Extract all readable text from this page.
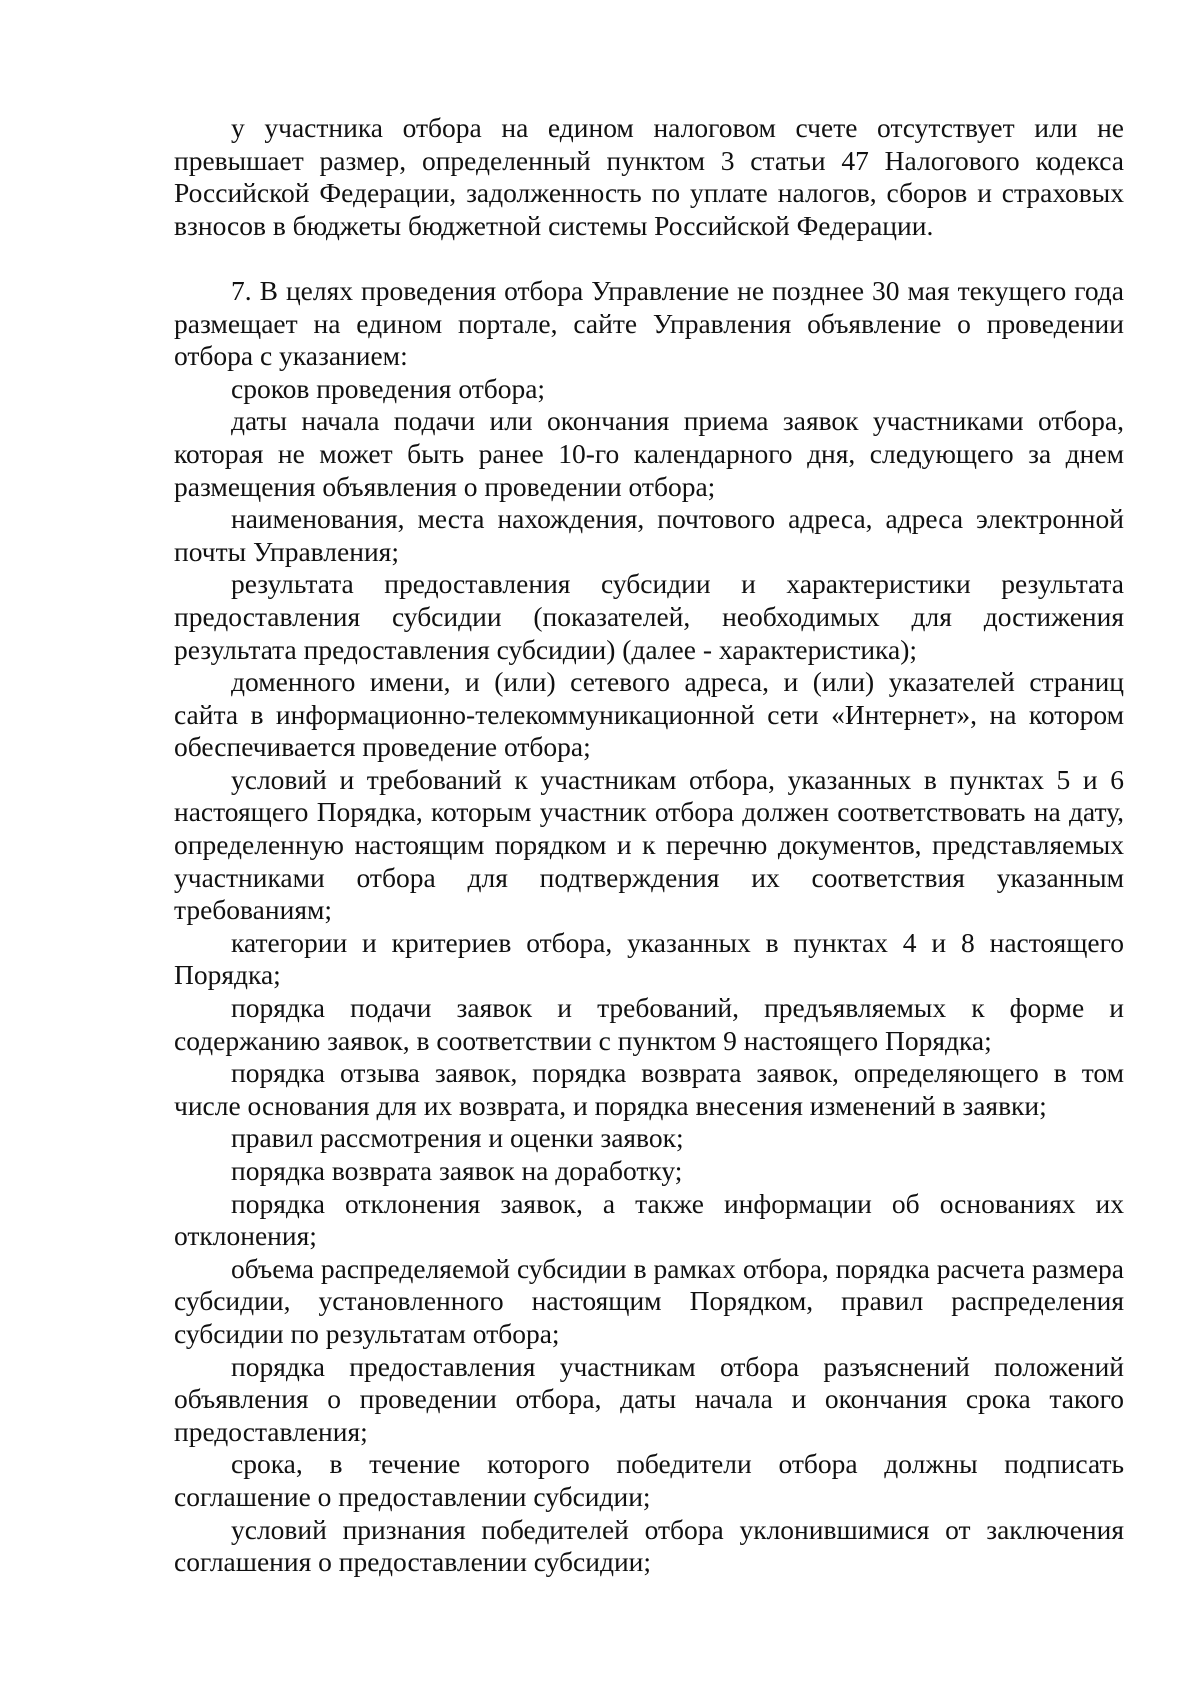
у участника отбора на едином налоговом счете отсутствует или не превышает размер, определенный пунктом 3 статьи 47 Налогового кодекса Российской Федерации, задолженность по уплате налогов, сборов и страховых взносов в бюджеты бюджетной системы Российской Федерации.

7. В целях проведения отбора Управление не позднее 30 мая текущего года размещает на едином портале, сайте Управления объявление о проведении отбора с указанием:

сроков проведения отбора;

даты начала подачи или окончания приема заявок участниками отбора, которая не может быть ранее 10-го календарного дня, следующего за днем размещения объявления о проведении отбора;

наименования, места нахождения, почтового адреса, адреса электронной почты Управления;

результата предоставления субсидии и характеристики результата предоставления субсидии (показателей, необходимых для достижения результата предоставления субсидии) (далее - характеристика);

доменного имени, и (или) сетевого адреса, и (или) указателей страниц сайта в информационно-телекоммуникационной сети «Интернет», на котором обеспечивается проведение отбора;

условий и требований к участникам отбора, указанных в пунктах 5 и 6 настоящего Порядка, которым участник отбора должен соответствовать на дату, определенную настоящим порядком и к перечню документов, представляемых участниками отбора для подтверждения их соответствия указанным требованиям;

категории и критериев отбора, указанных в пунктах 4 и 8 настоящего Порядка;

порядка подачи заявок и требований, предъявляемых к форме и содержанию заявок, в соответствии с пунктом 9 настоящего Порядка;

порядка отзыва заявок, порядка возврата заявок, определяющего в том числе основания для их возврата, и порядка внесения изменений в заявки;

правил рассмотрения и оценки заявок;

порядка возврата заявок на доработку;

порядка отклонения заявок, а также информации об основаниях их отклонения;

объема распределяемой субсидии в рамках отбора, порядка расчета размера субсидии, установленного настоящим Порядком, правил распределения субсидии по результатам отбора;

порядка предоставления участникам отбора разъяснений положений объявления о проведении отбора, даты начала и окончания срока такого предоставления;

срока, в течение которого победители отбора должны подписать соглашение о предоставлении субсидии;

условий признания победителей отбора уклонившимися от заключения соглашения о предоставлении субсидии;
